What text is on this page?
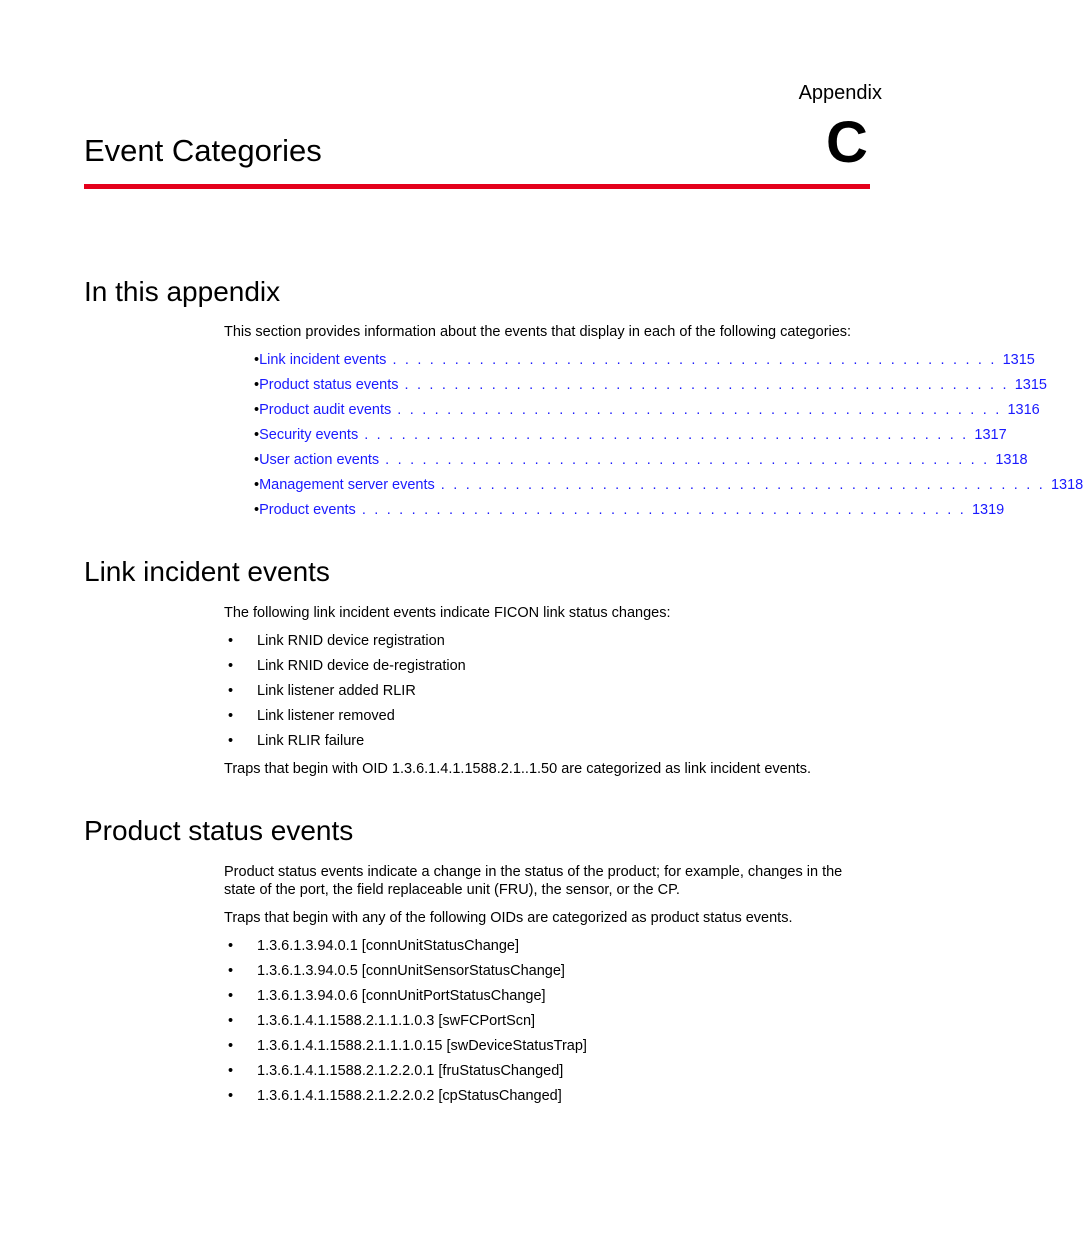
Appendix
C
Event Categories
In this appendix
This section provides information about the events that display in each of the following categories:
• Link incident events . . . . . . . . . . . . . . . . . . . . . . . . . . . . . . . . . . . . . . . . . . . . . . . . . 1315
• Product status events . . . . . . . . . . . . . . . . . . . . . . . . . . . . . . . . . . . . . . . . . . . . . . . . . 1315
• Product audit events . . . . . . . . . . . . . . . . . . . . . . . . . . . . . . . . . . . . . . . . . . . . . . . . . 1316
• Security events . . . . . . . . . . . . . . . . . . . . . . . . . . . . . . . . . . . . . . . . . . . . . . . . . 1317
• User action events . . . . . . . . . . . . . . . . . . . . . . . . . . . . . . . . . . . . . . . . . . . . . . . . . 1318
• Management server events . . . . . . . . . . . . . . . . . . . . . . . . . . . . . . . . . . . . . . . . . . . . . . . . . 1318
• Product events . . . . . . . . . . . . . . . . . . . . . . . . . . . . . . . . . . . . . . . . . . . . . . . . . 1319
Link incident events
The following link incident events indicate FICON link status changes:
•	Link RNID device registration
•	Link RNID device de-registration
•	Link listener added RLIR
•	Link listener removed
•	Link RLIR failure
Traps that begin with OID 1.3.6.1.4.1.1588.2.1..1.50 are categorized as link incident events.
Product status events
Product status events indicate a change in the status of the product; for example, changes in the state of the port, the field replaceable unit (FRU), the sensor, or the CP.
Traps that begin with any of the following OIDs are categorized as product status events.
•	1.3.6.1.3.94.0.1 [connUnitStatusChange]
•	1.3.6.1.3.94.0.5 [connUnitSensorStatusChange]
•	1.3.6.1.3.94.0.6 [connUnitPortStatusChange]
•	1.3.6.1.4.1.1588.2.1.1.1.0.3 [swFCPortScn]
•	1.3.6.1.4.1.1588.2.1.1.1.0.15 [swDeviceStatusTrap]
•	1.3.6.1.4.1.1588.2.1.2.2.0.1 [fruStatusChanged]
•	1.3.6.1.4.1.1588.2.1.2.2.0.2 [cpStatusChanged]
